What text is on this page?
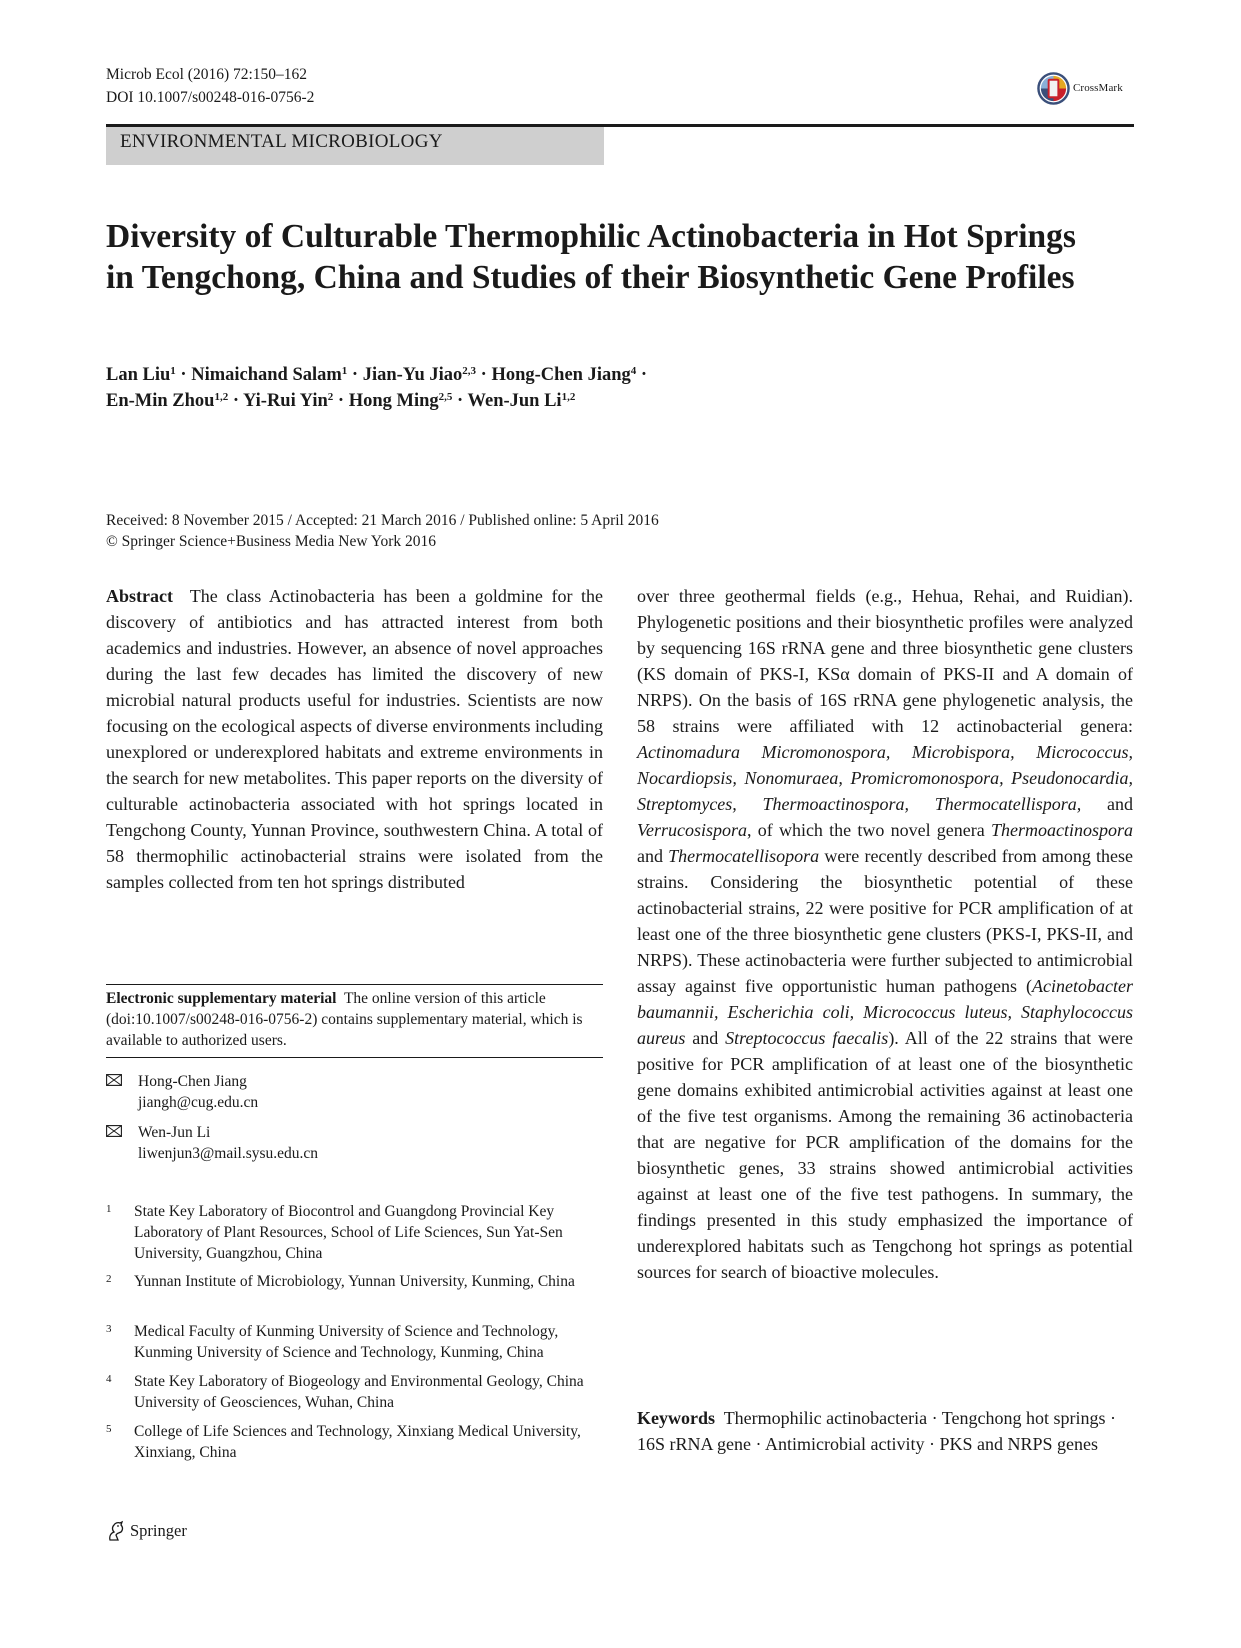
Microb Ecol (2016) 72:150–162
DOI 10.1007/s00248-016-0756-2
CrossMark
ENVIRONMENTAL MICROBIOLOGY
Diversity of Culturable Thermophilic Actinobacteria in Hot Springs in Tengchong, China and Studies of their Biosynthetic Gene Profiles
Lan Liu$^1$ · Nimaichand Salam$^1$ · Jian-Yu Jiao$^{2,3}$ · Hong-Chen Jiang$^4$ ·
En-Min Zhou$^{1,2}$ · Yi-Rui Yin$^2$ · Hong Ming$^{2,5}$ · Wen-Jun Li$^{1,2}$
Received: 8 November 2015 / Accepted: 21 March 2016 / Published online: 5 April 2016
© Springer Science+Business Media New York 2016
Abstract The class Actinobacteria has been a goldmine for the discovery of antibiotics and has attracted interest from both academics and industries. However, an absence of novel approaches during the last few decades has limited the discovery of new microbial natural products useful for industries. Scientists are now focusing on the ecological aspects of diverse environments including unexplored or underexplored habitats and extreme environments in the search for new metabolites. This paper reports on the diversity of culturable actinobacteria associated with hot springs located in Tengchong County, Yunnan Province, southwestern China. A total of 58 thermophilic actinobacterial strains were isolated from the samples collected from ten hot springs distributed
over three geothermal fields (e.g., Hehua, Rehai, and Ruidian). Phylogenetic positions and their biosynthetic profiles were analyzed by sequencing 16S rRNA gene and three biosynthetic gene clusters (KS domain of PKS-I, KSα domain of PKS-II and A domain of NRPS). On the basis of 16S rRNA gene phylogenetic analysis, the 58 strains were affiliated with 12 actinobacterial genera: Actinomadura Micromonospora, Microbispora, Micrococcus, Nocardiopsis, Nonomuraea, Promicromonospora, Pseudonocardia, Streptomyces, Thermoactinospora, Thermocatellispora, and Verrucosispora, of which the two novel genera Thermoactinospora and Thermocatellisopora were recently described from among these strains. Considering the biosynthetic potential of these actinobacterial strains, 22 were positive for PCR amplification of at least one of the three biosynthetic gene clusters (PKS-I, PKS-II, and NRPS). These actinobacteria were further subjected to antimicrobial assay against five opportunistic human pathogens (Acinetobacter baumannii, Escherichia coli, Micrococcus luteus, Staphylococcus aureus and Streptococcus faecalis). All of the 22 strains that were positive for PCR amplification of at least one of the biosynthetic gene domains exhibited antimicrobial activities against at least one of the five test organisms. Among the remaining 36 actinobacteria that are negative for PCR amplification of the domains for the biosynthetic genes, 33 strains showed antimicrobial activities against at least one of the five test pathogens. In summary, the findings presented in this study emphasized the importance of underexplored habitats such as Tengchong hot springs as potential sources for search of bioactive molecules.
Electronic supplementary material The online version of this article (doi:10.1007/s00248-016-0756-2) contains supplementary material, which is available to authorized users.
Hong-Chen Jiang
jiangh@cug.edu.cn
Wen-Jun Li
liwenjun3@mail.sysu.edu.cn
1 State Key Laboratory of Biocontrol and Guangdong Provincial Key Laboratory of Plant Resources, School of Life Sciences, Sun Yat-Sen University, Guangzhou, China
2 Yunnan Institute of Microbiology, Yunnan University, Kunming, China
3 Medical Faculty of Kunming University of Science and Technology, Kunming University of Science and Technology, Kunming, China
4 State Key Laboratory of Biogeology and Environmental Geology, China University of Geosciences, Wuhan, China
5 College of Life Sciences and Technology, Xinxiang Medical University, Xinxiang, China
Keywords Thermophilic actinobacteria · Tengchong hot springs · 16S rRNA gene · Antimicrobial activity · PKS and NRPS genes
Springer
